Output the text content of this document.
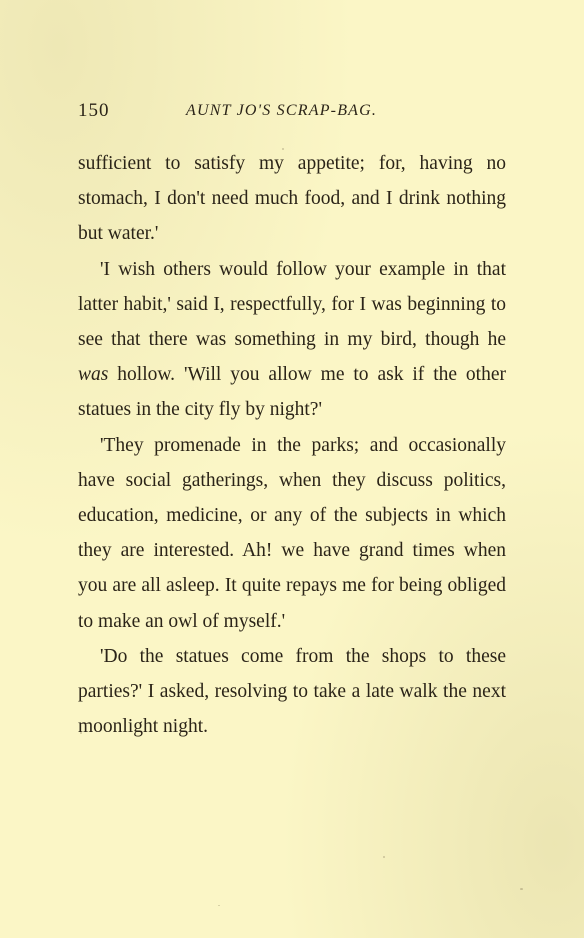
150	AUNT JO'S SCRAP-BAG.

sufficient to satisfy my appetite; for, having no stomach, I don't need much food, and I drink nothing but water.'

'I wish others would follow your example in that latter habit,' said I, respectfully, for I was beginning to see that there was something in my bird, though he was hollow. 'Will you allow me to ask if the other statues in the city fly by night?'

'They promenade in the parks; and occasionally have social gatherings, when they discuss politics, education, medicine, or any of the subjects in which they are interested. Ah! we have grand times when you are all asleep. It quite repays me for being obliged to make an owl of myself.'

'Do the statues come from the shops to these parties?' I asked, resolving to take a late walk the next moonlight night.
